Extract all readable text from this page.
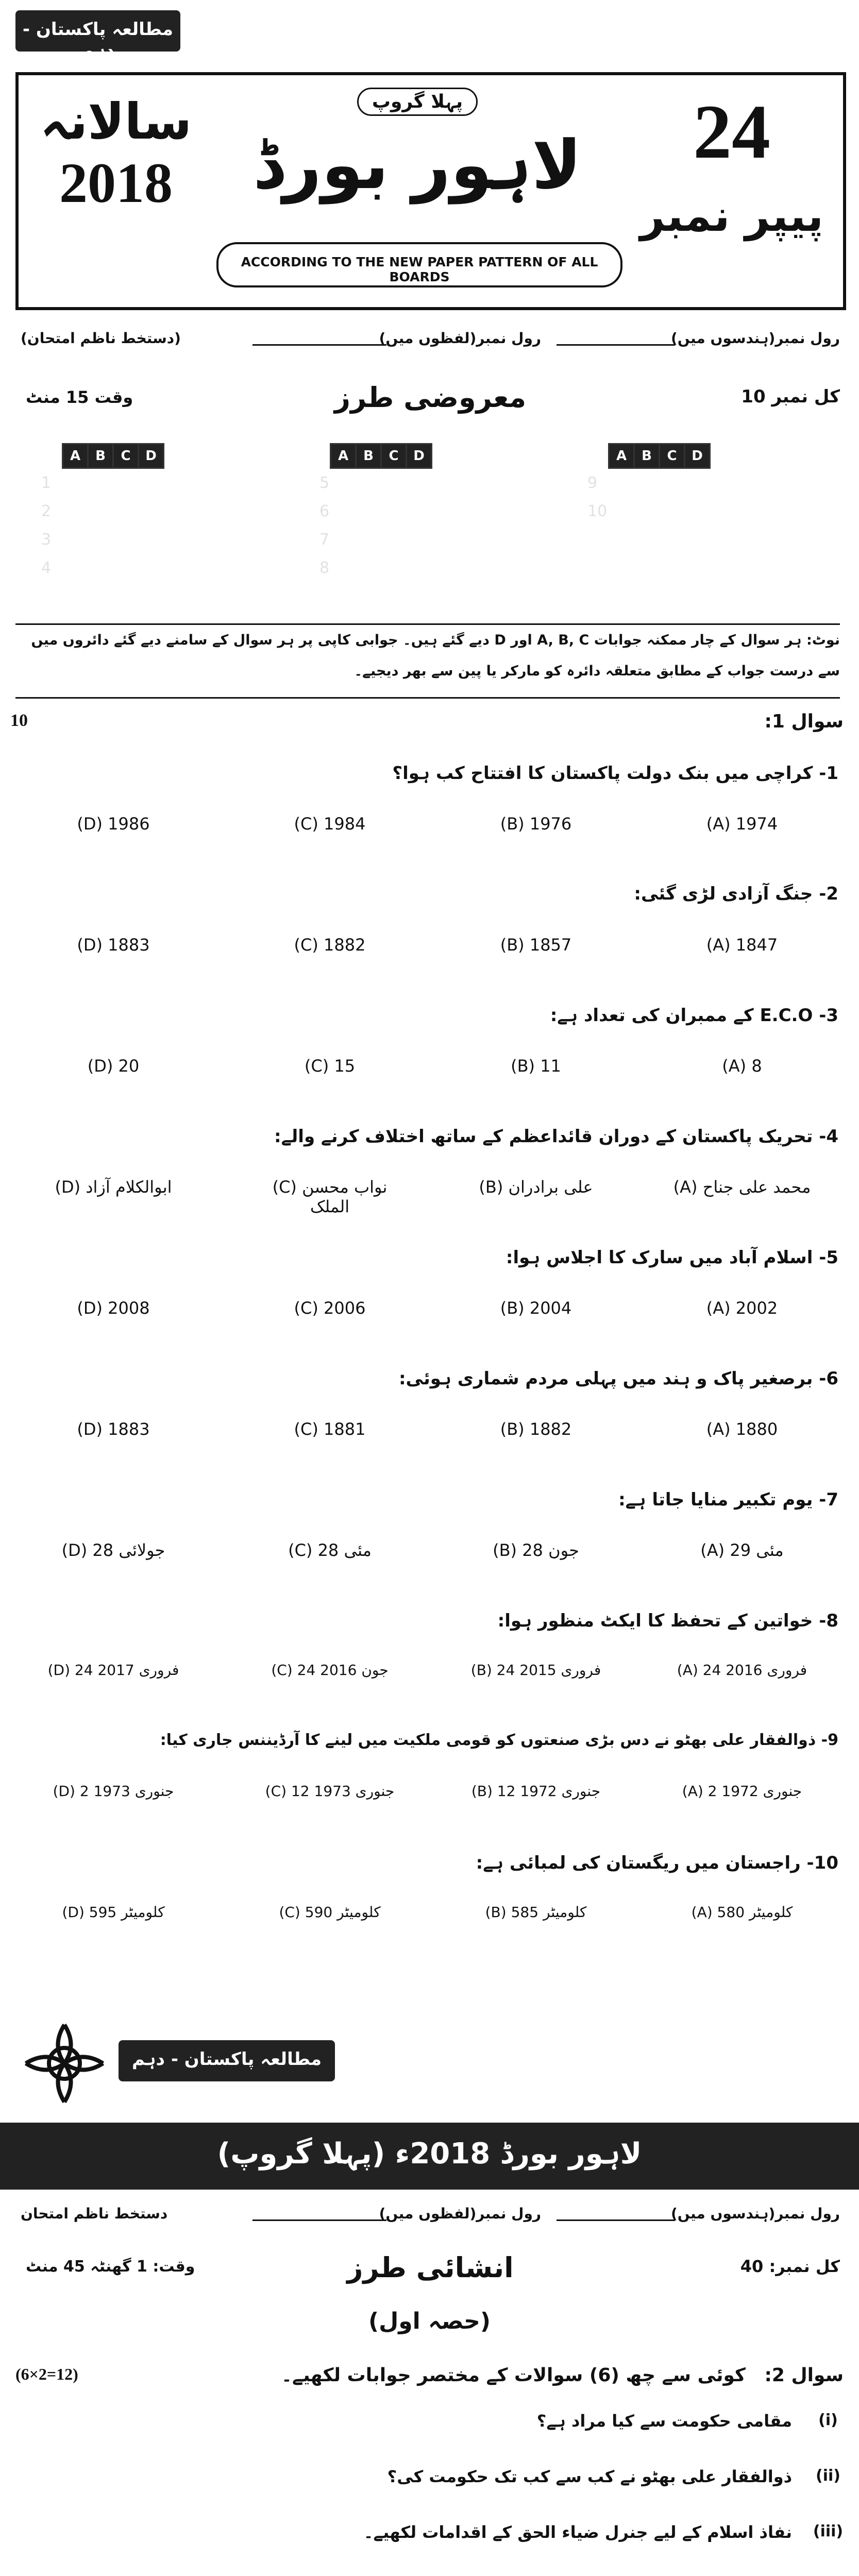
مطالعہ پاکستان - دہم
سالانہ
2018
پہلا گروپ
لاہور بورڈ
ACCORDING TO THE NEW PAPER PATTERN OF ALL BOARDS
24
پیپر نمبر
رول نمبر(ہندسوں میں)
رول نمبر(لفظوں میں)
(دستخط ناظم امتحان)
کل نمبر 10
معروضی طرز
وقت 15 منٹ
A	B	C	D
A	B	C	D
A	B	C	D
1
2
3
4
5
6
7
8
9
10
نوٹ: ہر سوال کے چار ممکنہ جوابات A, B, C اور D دیے گئے ہیں۔ جوابی کاپی پر ہر سوال کے سامنے دیے گئے دائروں میں سے درست جواب کے مطابق متعلقہ دائرہ کو مارکر یا پین سے بھر دیجیے۔
سوال 1:
10
1- کراچی میں بنک دولت پاکستان کا افتتاح کب ہوا؟
(A) 1974
(B) 1976
(C) 1984
(D) 1986
2- جنگ آزادی لڑی گئی:
(A) 1847
(B) 1857
(C) 1882
(D) 1883
3- E.C.O کے ممبران کی تعداد ہے:
(A) 8
(B) 11
(C) 15
(D) 20
4- تحریک پاکستان کے دوران قائداعظم کے ساتھ اختلاف کرنے والے:
(A) محمد علی جناح
(B) علی برادران
(C) نواب محسن الملک
(D) ابوالکلام آزاد
5- اسلام آباد میں سارک کا اجلاس ہوا:
(A) 2002
(B) 2004
(C) 2006
(D) 2008
6- برصغیر پاک و ہند میں پہلی مردم شماری ہوئی:
(A) 1880
(B) 1882
(C) 1881
(D) 1883
7- یوم تکبیر منایا جاتا ہے:
(A) 29 مئی
(B) 28 جون
(C) 28 مئی
(D) 28 جولائی
8- خواتین کے تحفظ کا ایکٹ منظور ہوا:
(A) 24 فروری 2016
(B) 24 فروری 2015
(C) 24 جون 2016
(D) 24 فروری 2017
9- ذوالفقار علی بھٹو نے دس بڑی صنعتوں کو قومی ملکیت میں لینے کا آرڈیننس جاری کیا:
(A) 2 جنوری 1972
(B) 12 جنوری 1972
(C) 12 جنوری 1973
(D) 2 جنوری 1973
10- راجستان میں ریگستان کی لمبائی ہے:
(A) 580 کلومیٹر
(B) 585 کلومیٹر
(C) 590 کلومیٹر
(D) 595 کلومیٹر
مطالعہ پاکستان - دہم
لاہور بورڈ 2018ء (پہلا گروپ)
رول نمبر(ہندسوں میں)
رول نمبر(لفظوں میں)
دستخط ناظم امتحان
کل نمبر: 40
انشائی طرز
وقت: 1 گھنٹہ 45 منٹ
(حصہ اول)
سوال 2:
کوئی سے چھ (6) سوالات کے مختصر جوابات لکھیے۔
(6×2=12)
(i)
مقامی حکومت سے کیا مراد ہے؟
(ii)
ذوالفقار علی بھٹو نے کب سے کب تک حکومت کی؟
(iii)
نفاذ اسلام کے لیے جنرل ضیاء الحق کے اقدامات لکھیے۔
